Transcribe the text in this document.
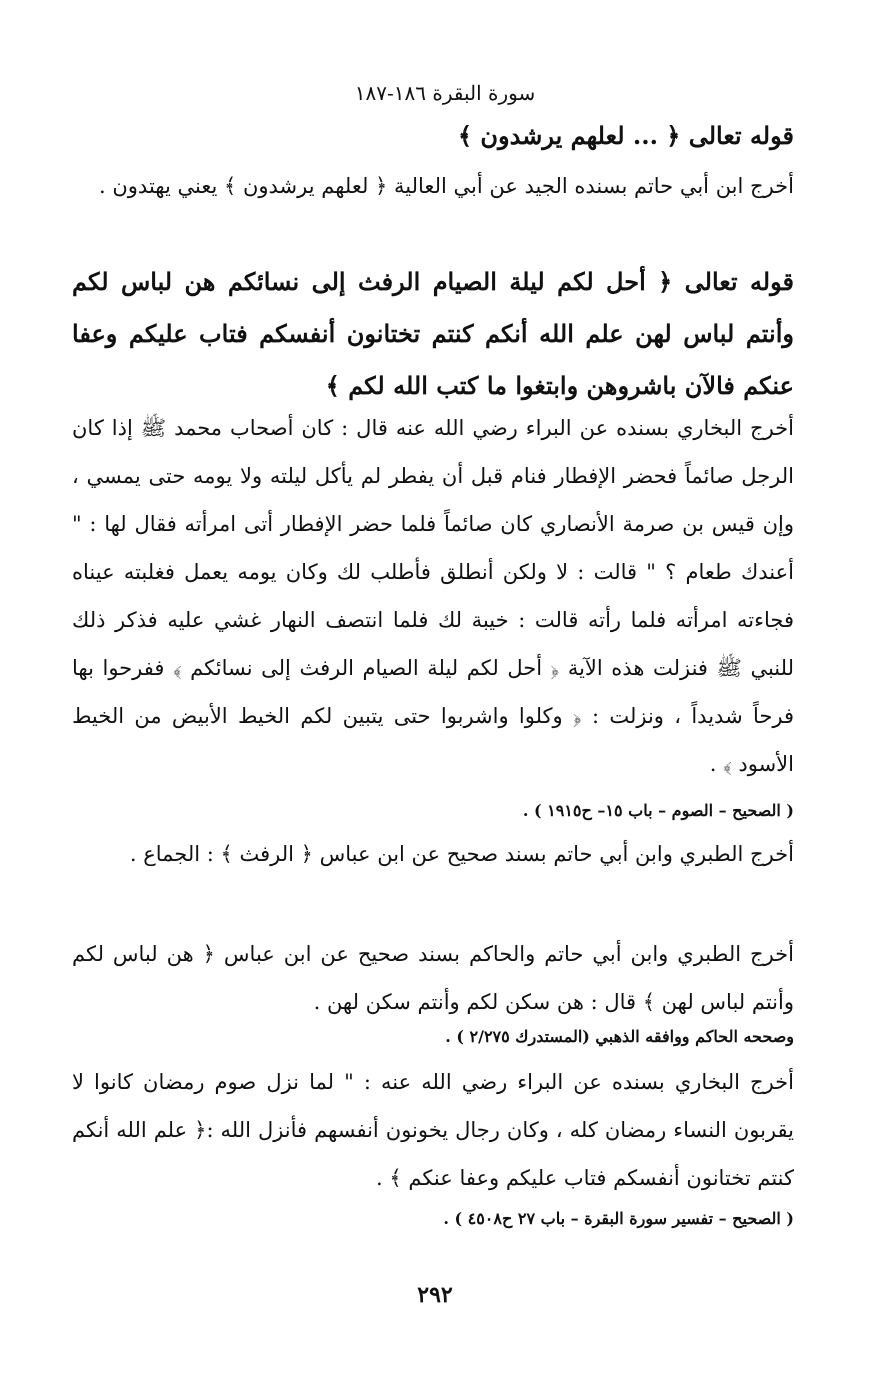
سورة البقرة ١٨٦-١٨٧
قوله تعالى ﴿ ... لعلهم يرشدون ﴾
أخرج ابن أبي حاتم بسنده الجيد عن أبي العالية ﴿ لعلهم يرشدون ﴾ يعني يهتدون .
قوله تعالى ﴿ أحل لكم ليلة الصيام الرفث إلى نسائكم هن لباس لكم وأنتم لباس لهن علم الله أنكم كنتم تختانون أنفسكم فتاب عليكم وعفا عنكم فالآن باشروهن وابتغوا ما كتب الله لكم ﴾
أخرج البخاري بسنده عن البراء رضي الله عنه قال : كان أصحاب محمد ﷺ إذا كان الرجل صائماً فحضر الإفطار فنام قبل أن يفطر لم يأكل ليلته ولا يومه حتى يمسي ، وإن قيس بن صرمة الأنصاري كان صائماً فلما حضر الإفطار أتى امرأته فقال لها : " أعندك طعام ؟ " قالت : لا ولكن أنطلق فأطلب لك وكان يومه يعمل فغلبته عيناه فجاءته امرأته فلما رأته قالت : خيبة لك فلما انتصف النهار غشي عليه فذكر ذلك للنبي ﷺ فنزلت هذه الآية ﴿ أحل لكم ليلة الصيام الرفث إلى نسائكم ﴾ ففرحوا بها فرحاً شديداً ، ونزلت : ﴿ وكلوا واشربوا حتى يتبين لكم الخيط الأبيض من الخيط الأسود ﴾ .
( الصحيح – الصوم – باب ١٥– ح١٩١٥ ) .
أخرج الطبري وابن أبي حاتم بسند صحيح عن ابن عباس ﴿ الرفث ﴾ : الجماع .
أخرج الطبري وابن أبي حاتم والحاكم بسند صحيح عن ابن عباس ﴿ هن لباس لكم وأنتم لباس لهن ﴾ قال : هن سكن لكم وأنتم سكن لهن .
وصححه الحاكم ووافقه الذهبي (المستدرك ٢/٢٧٥ ) .
أخرج البخاري بسنده عن البراء رضي الله عنه : " لما نزل صوم رمضان كانوا لا يقربون النساء رمضان كله ، وكان رجال يخونون أنفسهم فأنزل الله :﴿ علم الله أنكم كنتم تختانون أنفسكم فتاب عليكم وعفا عنكم ﴾ .
( الصحيح – تفسير سورة البقرة – باب ٢٧ ح٤٥٠٨ ) .
٢٩٢
